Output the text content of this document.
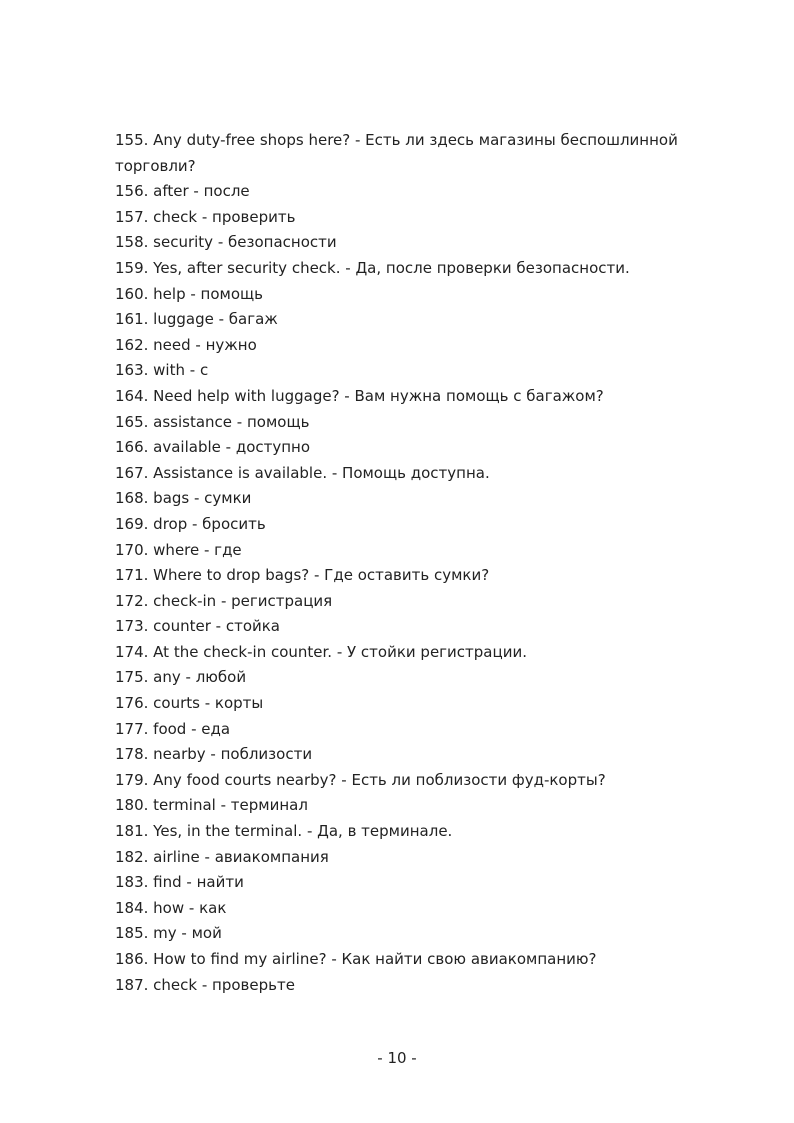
155. Any duty-free shops here? - Есть ли здесь магазины беспошлинной торговли?
156. after - после
157. check - проверить
158. security - безопасности
159. Yes, after security check. - Да, после проверки безопасности.
160. help - помощь
161. luggage - багаж
162. need - нужно
163. with - с
164. Need help with luggage? - Вам нужна помощь с багажом?
165. assistance - помощь
166. available - доступно
167. Assistance is available. - Помощь доступна.
168. bags - сумки
169. drop - бросить
170. where - где
171. Where to drop bags? - Где оставить сумки?
172. check-in - регистрация
173. counter - стойка
174. At the check-in counter. - У стойки регистрации.
175. any - любой
176. courts - корты
177. food - еда
178. nearby - поблизости
179. Any food courts nearby? - Есть ли поблизости фуд-корты?
180. terminal - терминал
181. Yes, in the terminal. - Да, в терминале.
182. airline - авиакомпания
183. find - найти
184. how - как
185. my - мой
186. How to find my airline? - Как найти свою авиакомпанию?
187. check - проверьте
- 10 -
